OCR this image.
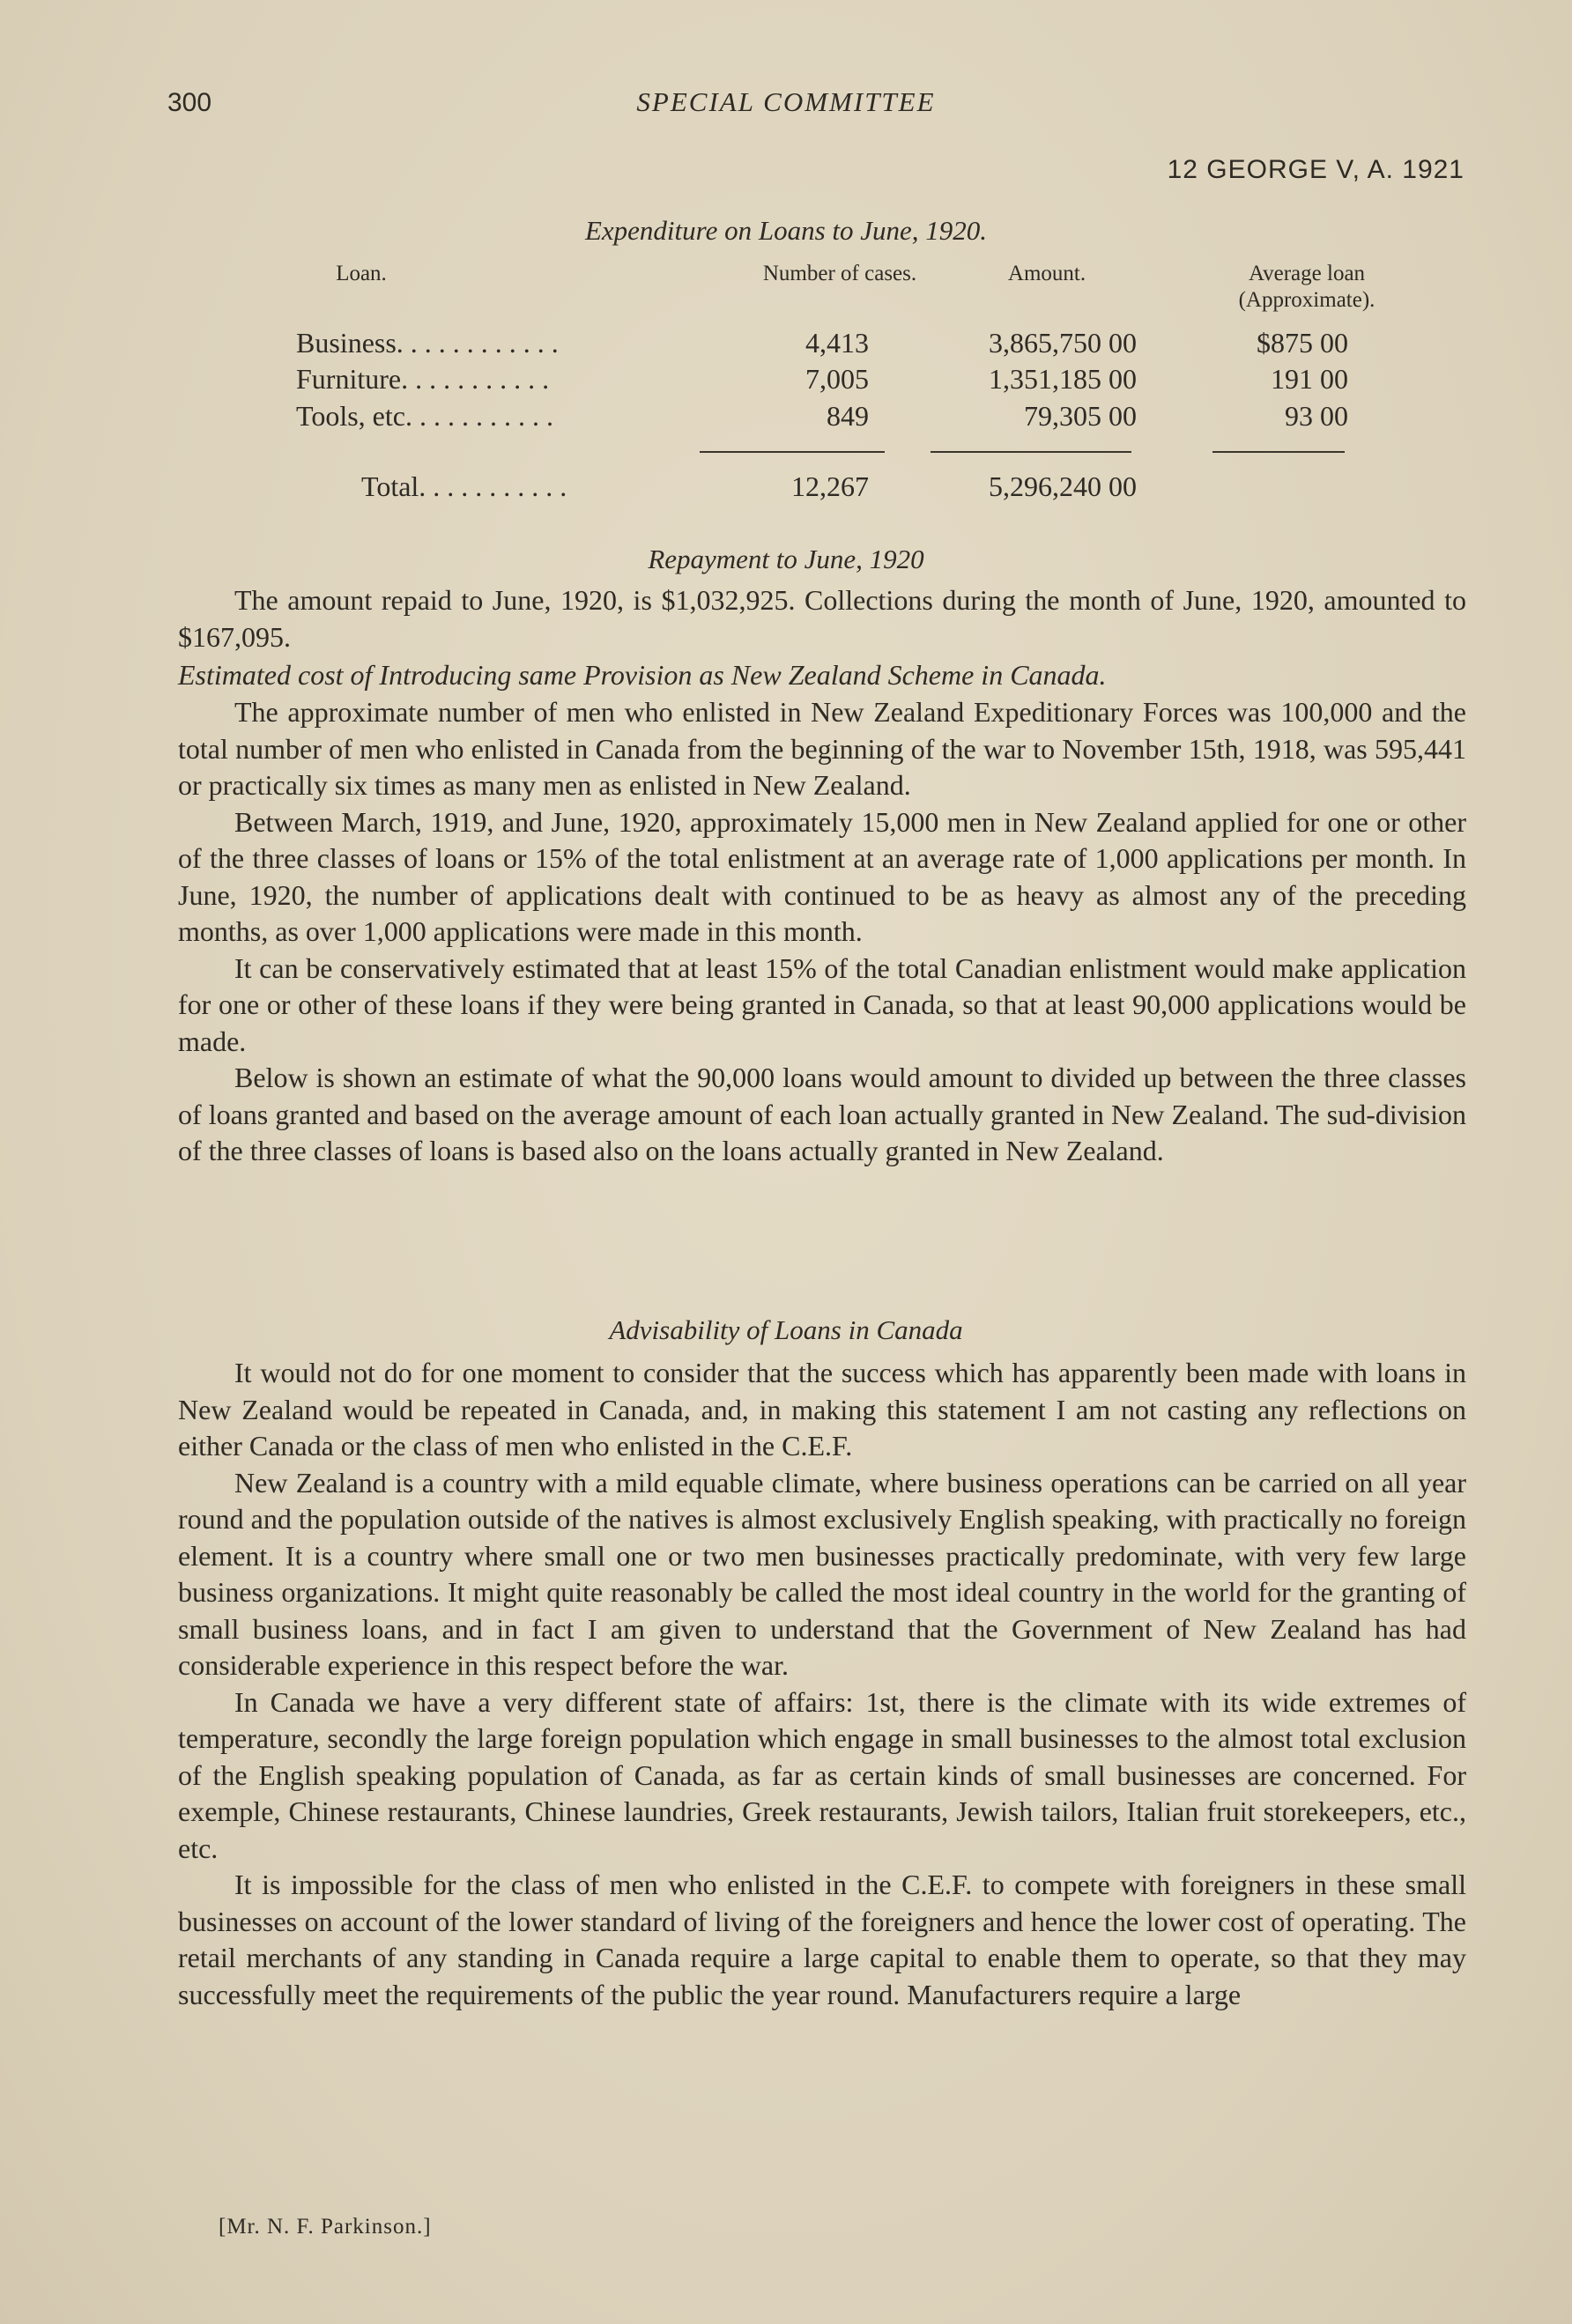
300	SPECIAL COMMITTEE
12 GEORGE V, A. 1921
Expenditure on Loans to June, 1920.
Loan.	Number of cases.	Amount.	Average loan (Approximate).
Business. . . . . . . . . . . .	4,413	3,865,750 00	$875 00
Furniture. . . . . . . . . . .	7,005	1,351,185 00	191 00
Tools, etc. . . . . . . . . . .	849	79,305 00	93 00
Total. . . . . . . . . . .	12,267	5,296,240 00
Repayment to June, 1920

The amount repaid to June, 1920, is $1,032,925. Collections during the month of June, 1920, amounted to $167,095.

Estimated cost of Introducing same Provision as New Zealand Scheme in Canada.

The approximate number of men who enlisted in New Zealand Expeditionary Forces was 100,000 and the total number of men who enlisted in Canada from the beginning of the war to November 15th, 1918, was 595,441 or practically six times as many men as enlisted in New Zealand.

Between March, 1919, and June, 1920, approximately 15,000 men in New Zealand applied for one or other of the three classes of loans or 15% of the total enlistment at an average rate of 1,000 applications per month. In June, 1920, the number of applications dealt with continued to be as heavy as almost any of the preceding months, as over 1,000 applications were made in this month.

It can be conservatively estimated that at least 15% of the total Canadian enlistment would make application for one or other of these loans if they were being granted in Canada, so that at least 90,000 applications would be made.

Below is shown an estimate of what the 90,000 loans would amount to divided up between the three classes of loans granted and based on the average amount of each loan actually granted in New Zealand. The sud-division of the three classes of loans is based also on the loans actually granted in New Zealand.

Advisability of Loans in Canada

It would not do for one moment to consider that the success which has apparently been made with loans in New Zealand would be repeated in Canada, and, in making this statement I am not casting any reflections on either Canada or the class of men who enlisted in the C.E.F.

New Zealand is a country with a mild equable climate, where business operations can be carried on all year round and the population outside of the natives is almost exclusively English speaking, with practically no foreign element. It is a country where small one or two men businesses practically predominate, with very few large business organizations. It might quite reasonably be called the most ideal country in the world for the granting of small business loans, and in fact I am given to understand that the Government of New Zealand has had considerable experience in this respect before the war.

In Canada we have a very different state of affairs: 1st, there is the climate with its wide extremes of temperature, secondly the large foreign population which engage in small businesses to the almost total exclusion of the English speaking population of Canada, as far as certain kinds of small businesses are concerned. For exemple, Chinese restaurants, Chinese laundries, Greek restaurants, Jewish tailors, Italian fruit storekeepers, etc., etc.

It is impossible for the class of men who enlisted in the C.E.F. to compete with foreigners in these small businesses on account of the lower standard of living of the foreigners and hence the lower cost of operating. The retail merchants of any standing in Canada require a large capital to enable them to operate, so that they may successfully meet the requirements of the public the year round. Manufacturers require a large

[Mr. N. F. Parkinson.]
